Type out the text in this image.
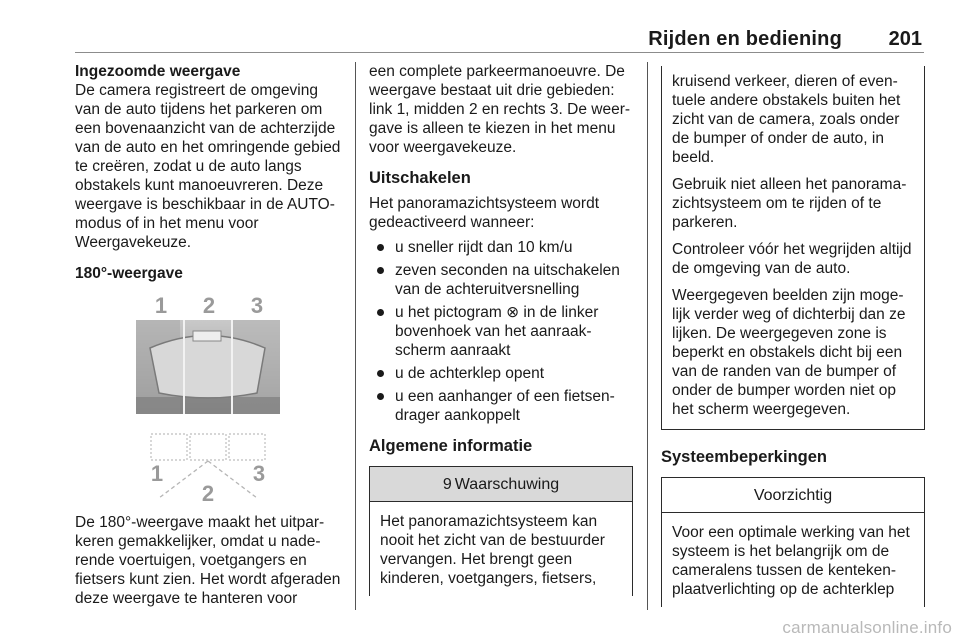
Rijden en bediening 201

Ingezoomde weergave

De camera registreert de omgeving van de auto tijdens het parkeren om een bovenaanzicht van de achterzijde van de auto en het omringende gebied te creëren, zodat u de auto langs obstakels kunt manoeuvreren. Deze weergave is beschikbaar in de AUTO-modus of in het menu voor Weergavekeuze.

180°-weergave

1 2 3
1
2
3

De 180°-weergave maakt het uitparkeren gemakkelijker, omdat u naderende voertuigen, voetgangers en fietsers kunt zien. Het wordt afgeraden deze weergave te hanteren voor

een complete parkeermanoeuvre. De weergave bestaat uit drie gebieden: link 1, midden 2 en rechts 3. De weergave is alleen te kiezen in het menu voor weergavekeuze.

Uitschakelen

Het panoramazichtsysteem wordt gedeactiveerd wanneer:

u sneller rijdt dan 10 km/u
zeven seconden na uitschakelen van de achteruitversnelling
u het pictogram ⊗ in de linker bovenhoek van het aanraakscherm aanraakt
u de achterklep opent
u een aanhanger of een fietsendrager aankoppelt

Algemene informatie

9 Waarschuwing

Het panoramazichtsysteem kan nooit het zicht van de bestuurder vervangen. Het brengt geen kinderen, voetgangers, fietsers,

kruisend verkeer, dieren of eventuele andere obstakels buiten het zicht van de camera, zoals onder de bumper of onder de auto, in beeld.

Gebruik niet alleen het panoramazichtsysteem om te rijden of te parkeren.

Controleer vóór het wegrijden altijd de omgeving van de auto.

Weergegeven beelden zijn mogelijk verder weg of dichterbij dan ze lijken. De weergegeven zone is beperkt en obstakels dicht bij een van de randen van de bumper of onder de bumper worden niet op het scherm weergegeven.

Systeembeperkingen

Voorzichtig

Voor een optimale werking van het systeem is het belangrijk om de cameralens tussen de kentekenplaatverlichting op de achterklep

carmanualsonline.info
